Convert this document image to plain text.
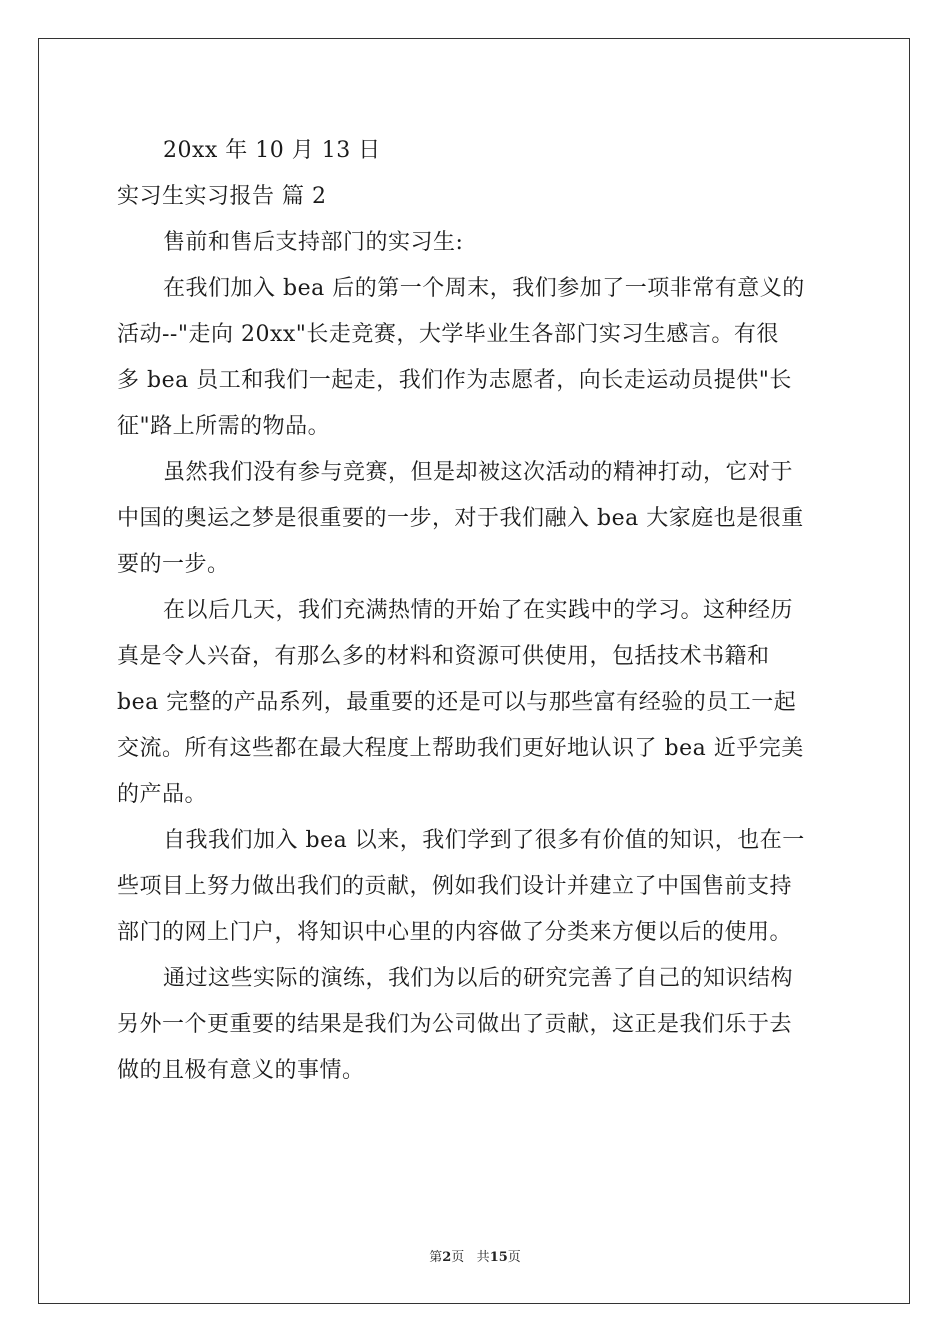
20xx 年 10 月 13 日
实习生实习报告 篇 2
售前和售后支持部门的实习生:
在我们加入 bea 后的第一个周末，我们参加了一项非常有意义的
活动--"走向 20xx"长走竞赛，大学毕业生各部门实习生感言。有很
多 bea 员工和我们一起走，我们作为志愿者，向长走运动员提供"长
征"路上所需的物品。
虽然我们没有参与竞赛，但是却被这次活动的精神打动，它对于
中国的奥运之梦是很重要的一步，对于我们融入 bea 大家庭也是很重
要的一步。
在以后几天，我们充满热情的开始了在实践中的学习。这种经历
真是令人兴奋，有那么多的材料和资源可供使用，包括技术书籍和
bea 完整的产品系列，最重要的还是可以与那些富有经验的员工一起
交流。所有这些都在最大程度上帮助我们更好地认识了 bea 近乎完美
的产品。
自我我们加入 bea 以来，我们学到了很多有价值的知识，也在一
些项目上努力做出我们的贡献，例如我们设计并建立了中国售前支持
部门的网上门户，将知识中心里的内容做了分类来方便以后的使用。
通过这些实际的演练，我们为以后的研究完善了自己的知识结构
另外一个更重要的结果是我们为公司做出了贡献，这正是我们乐于去
做的且极有意义的事情。
第2页 共15页
